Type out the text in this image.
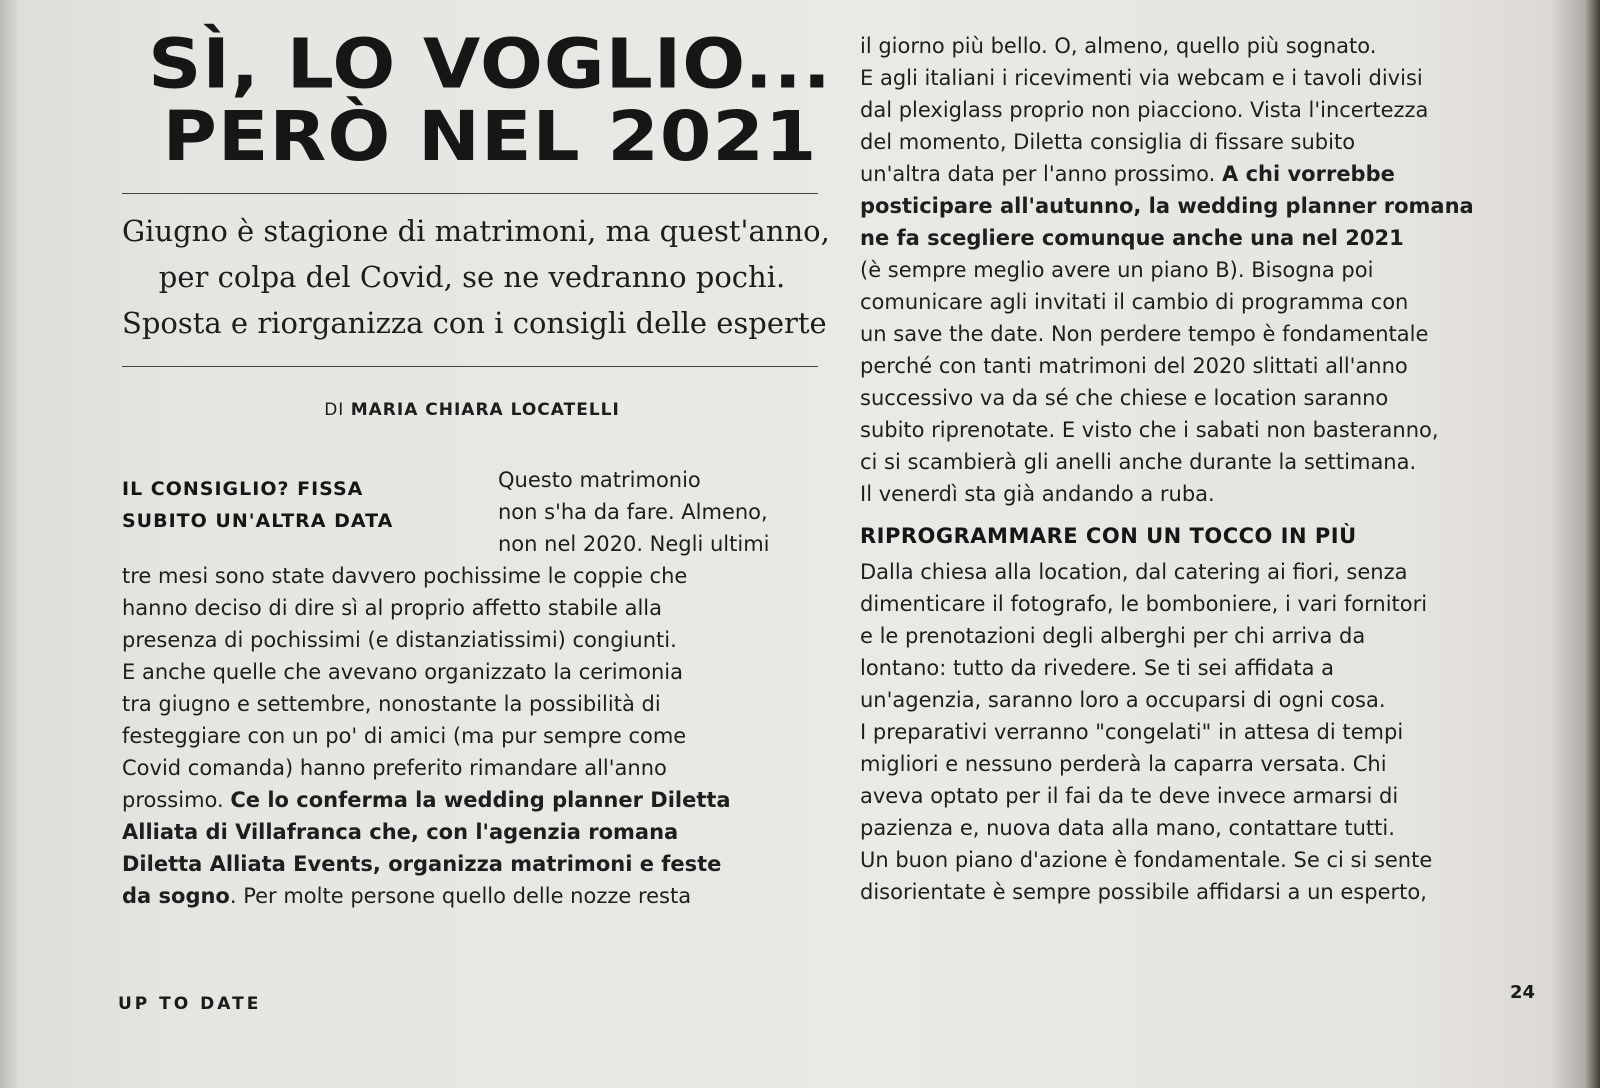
SÌ, LO VOGLIO...
PERÒ NEL 2021
Giugno è stagione di matrimoni, ma quest'anno,
per colpa del Covid, se ne vedranno pochi.
Sposta e riorganizza con i consigli delle esperte
DI MARIA CHIARA LOCATELLI
IL CONSIGLIO? FISSA
SUBITO UN'ALTRA DATA
Questo matrimonio
non s'ha da fare. Almeno,
non nel 2020. Negli ultimi
tre mesi sono state davvero pochissime le coppie che
hanno deciso di dire sì al proprio affetto stabile alla
presenza di pochissimi (e distanziatissimi) congiunti.
E anche quelle che avevano organizzato la cerimonia
tra giugno e settembre, nonostante la possibilità di
festeggiare con un po' di amici (ma pur sempre come
Covid comanda) hanno preferito rimandare all'anno
prossimo. Ce lo conferma la wedding planner Diletta
Alliata di Villafranca che, con l'agenzia romana
Diletta Alliata Events, organizza matrimoni e feste
da sogno. Per molte persone quello delle nozze resta
il giorno più bello. O, almeno, quello più sognato.
E agli italiani i ricevimenti via webcam e i tavoli divisi
dal plexiglass proprio non piacciono. Vista l'incertezza
del momento, Diletta consiglia di fissare subito
un'altra data per l'anno prossimo. A chi vorrebbe
posticipare all'autunno, la wedding planner romana
ne fa scegliere comunque anche una nel 2021
(è sempre meglio avere un piano B). Bisogna poi
comunicare agli invitati il cambio di programma con
un save the date. Non perdere tempo è fondamentale
perché con tanti matrimoni del 2020 slittati all'anno
successivo va da sé che chiese e location saranno
subito riprenotate. E visto che i sabati non basteranno,
ci si scambierà gli anelli anche durante la settimana.
Il venerdì sta già andando a ruba.
RIPROGRAMMARE CON UN TOCCO IN PIÙ
Dalla chiesa alla location, dal catering ai fiori, senza
dimenticare il fotografo, le bomboniere, i vari fornitori
e le prenotazioni degli alberghi per chi arriva da
lontano: tutto da rivedere. Se ti sei affidata a
un'agenzia, saranno loro a occuparsi di ogni cosa.
I preparativi verranno "congelati" in attesa di tempi
migliori e nessuno perderà la caparra versata. Chi
aveva optato per il fai da te deve invece armarsi di
pazienza e, nuova data alla mano, contattare tutti.
Un buon piano d'azione è fondamentale. Se ci si sente
disorientate è sempre possibile affidarsi a un esperto,
UP TO DATE
24
